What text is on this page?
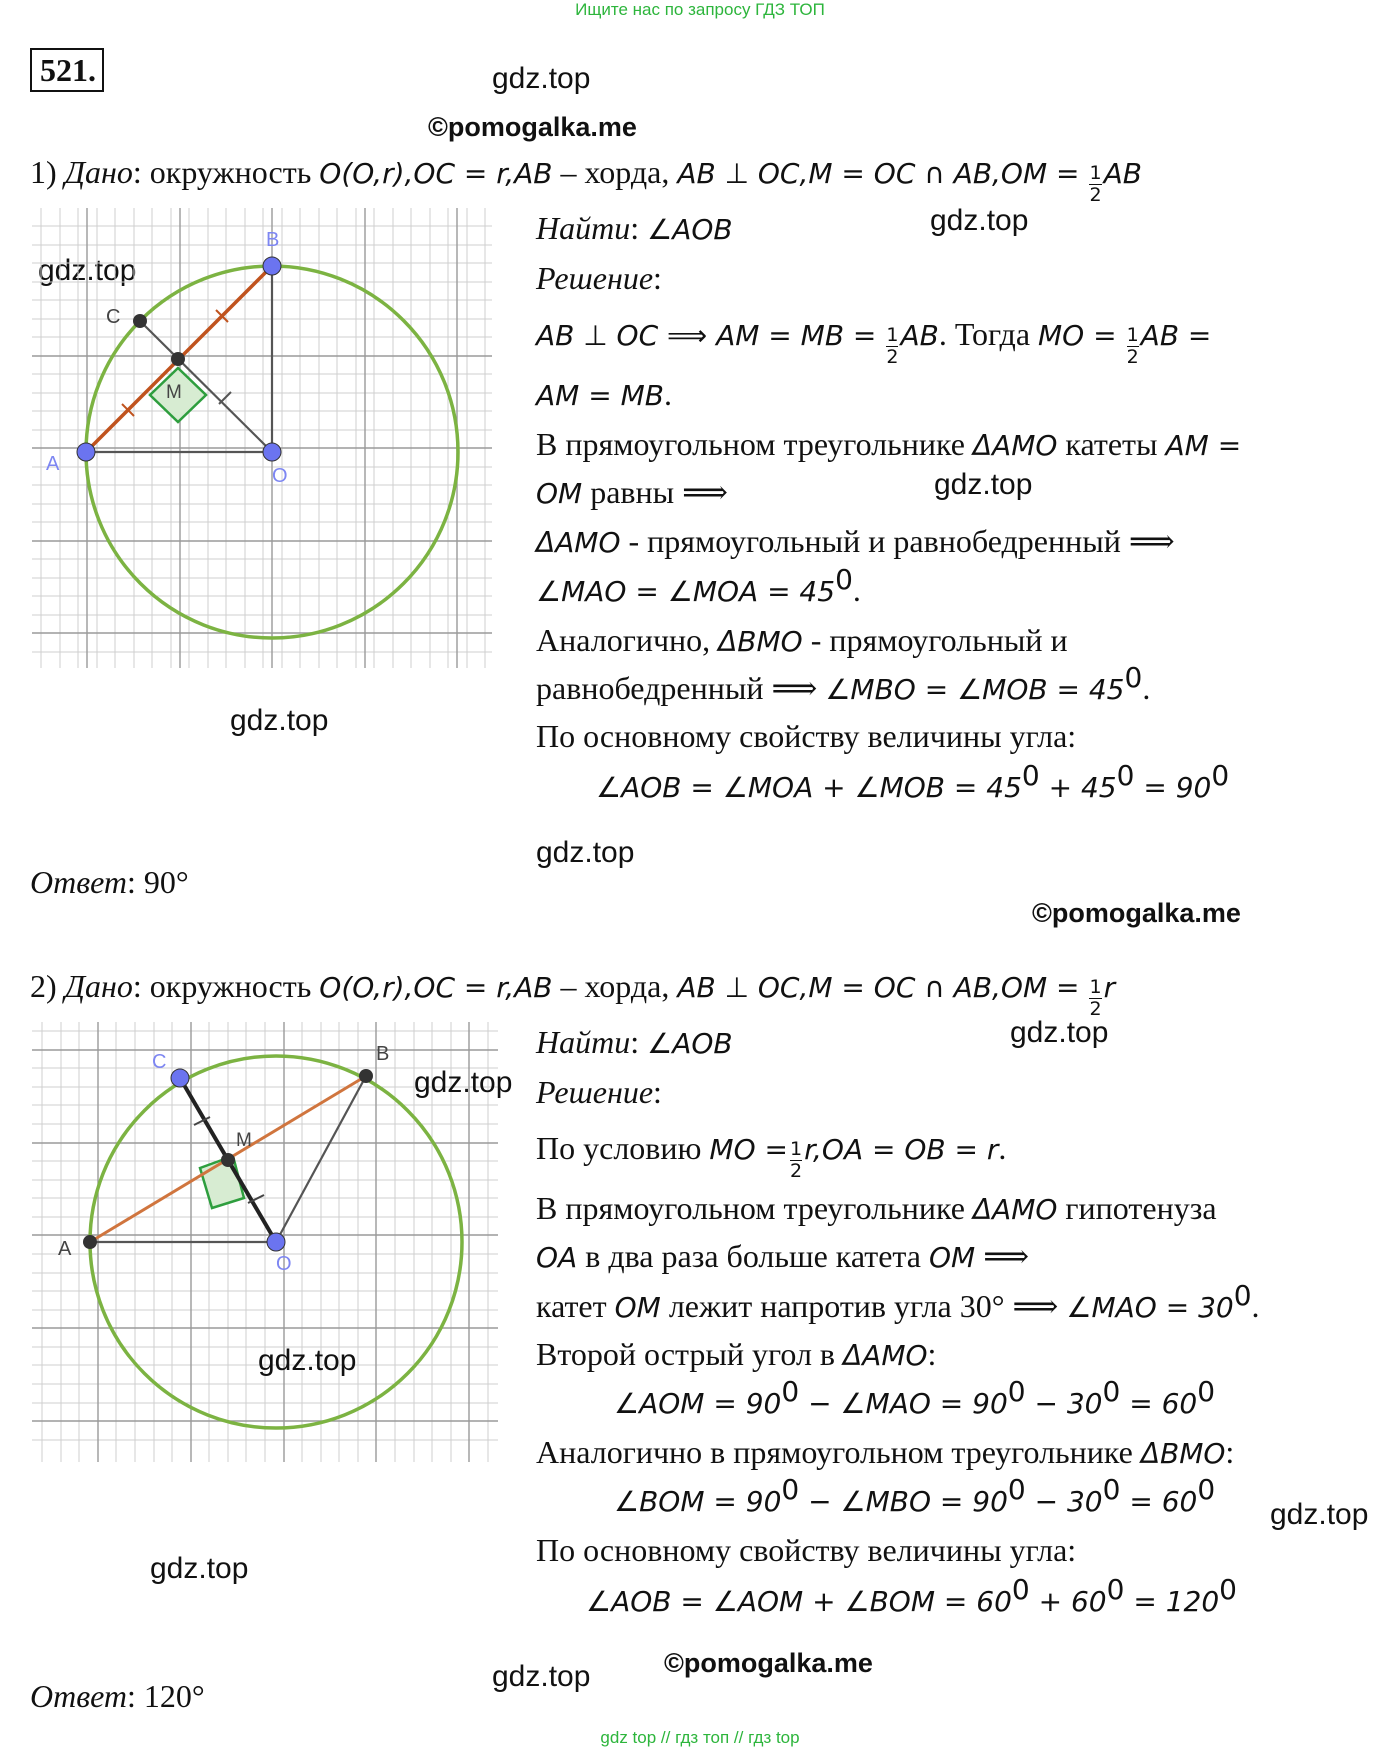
Ищите нас по запросу ГДЗ ТОП
521.	gdz.top
©pomogalka.me
1) Дано: окружность O(O,r),OC = r,AB – хорда, AB ⊥ OC,M = OC ∩ $AB,OM = \frac{1}{2}$ AB
gdz.top
gdz.top
A
B
C
M
O
gdz.top
Найти: ∠AOB
Решение:
AB ⊥ OC ⟹ AM = MB = $\frac{1}{2}$ AB. Тогда MO = $\frac{1}{2}$ AB =
AM = MB.
В прямоугольном треугольнике ΔAMO катеты AM =
OM равны ⟹	gdz.top
ΔAMO - прямоугольный и равнобедренный ⟹
∠MAO = ∠MOA = $45^0$.
Аналогично, ΔBMO - прямоугольный и
равнобедренный ⟹ ∠MBO = ∠MOB = $45^0$.
По основному свойству величины угла:
∠AOB = ∠MOA + ∠MOB = $45^0 + 45^0 = 90^0$
gdz.top
Ответ: 90°
©pomogalka.me
2) Дано: окружность O(O,r),OC = r,AB – хорда, AB ⊥ OC,M = OC ∩ $AB,OM = \frac{1}{2}$ r
gdz.top
A
B
C
M
O
gdz.top
gdz.top
gdz.top
Найти: ∠AOB
Решение:
По условию MO = $\frac{1}{2} r,OA$ = OB = r.
В прямоугольном треугольнике ΔAMO гипотенуза
OA в два раза больше катета OM ⟹
катет OM лежит напротив угла 30° ⟹ ∠MAO = $30^0$.
Второй острый угол в ΔAMO:
∠AOM = $90^0$ − ∠MAO = $90^0 - 30^0 = 60^0$
Аналогично в прямоугольном треугольнике ΔBMO:
∠BOM = $90^0$ − ∠MBO = $90^0 - 30^0 = 60^0$
gdz.top
По основному свойству величины угла:
∠AOB = ∠AOM + ∠BOM = $60^0 + 60^0 = 120^0$
©pomogalka.me
gdz.top
Ответ: 120°
gdz top // гдз топ // гдз top
